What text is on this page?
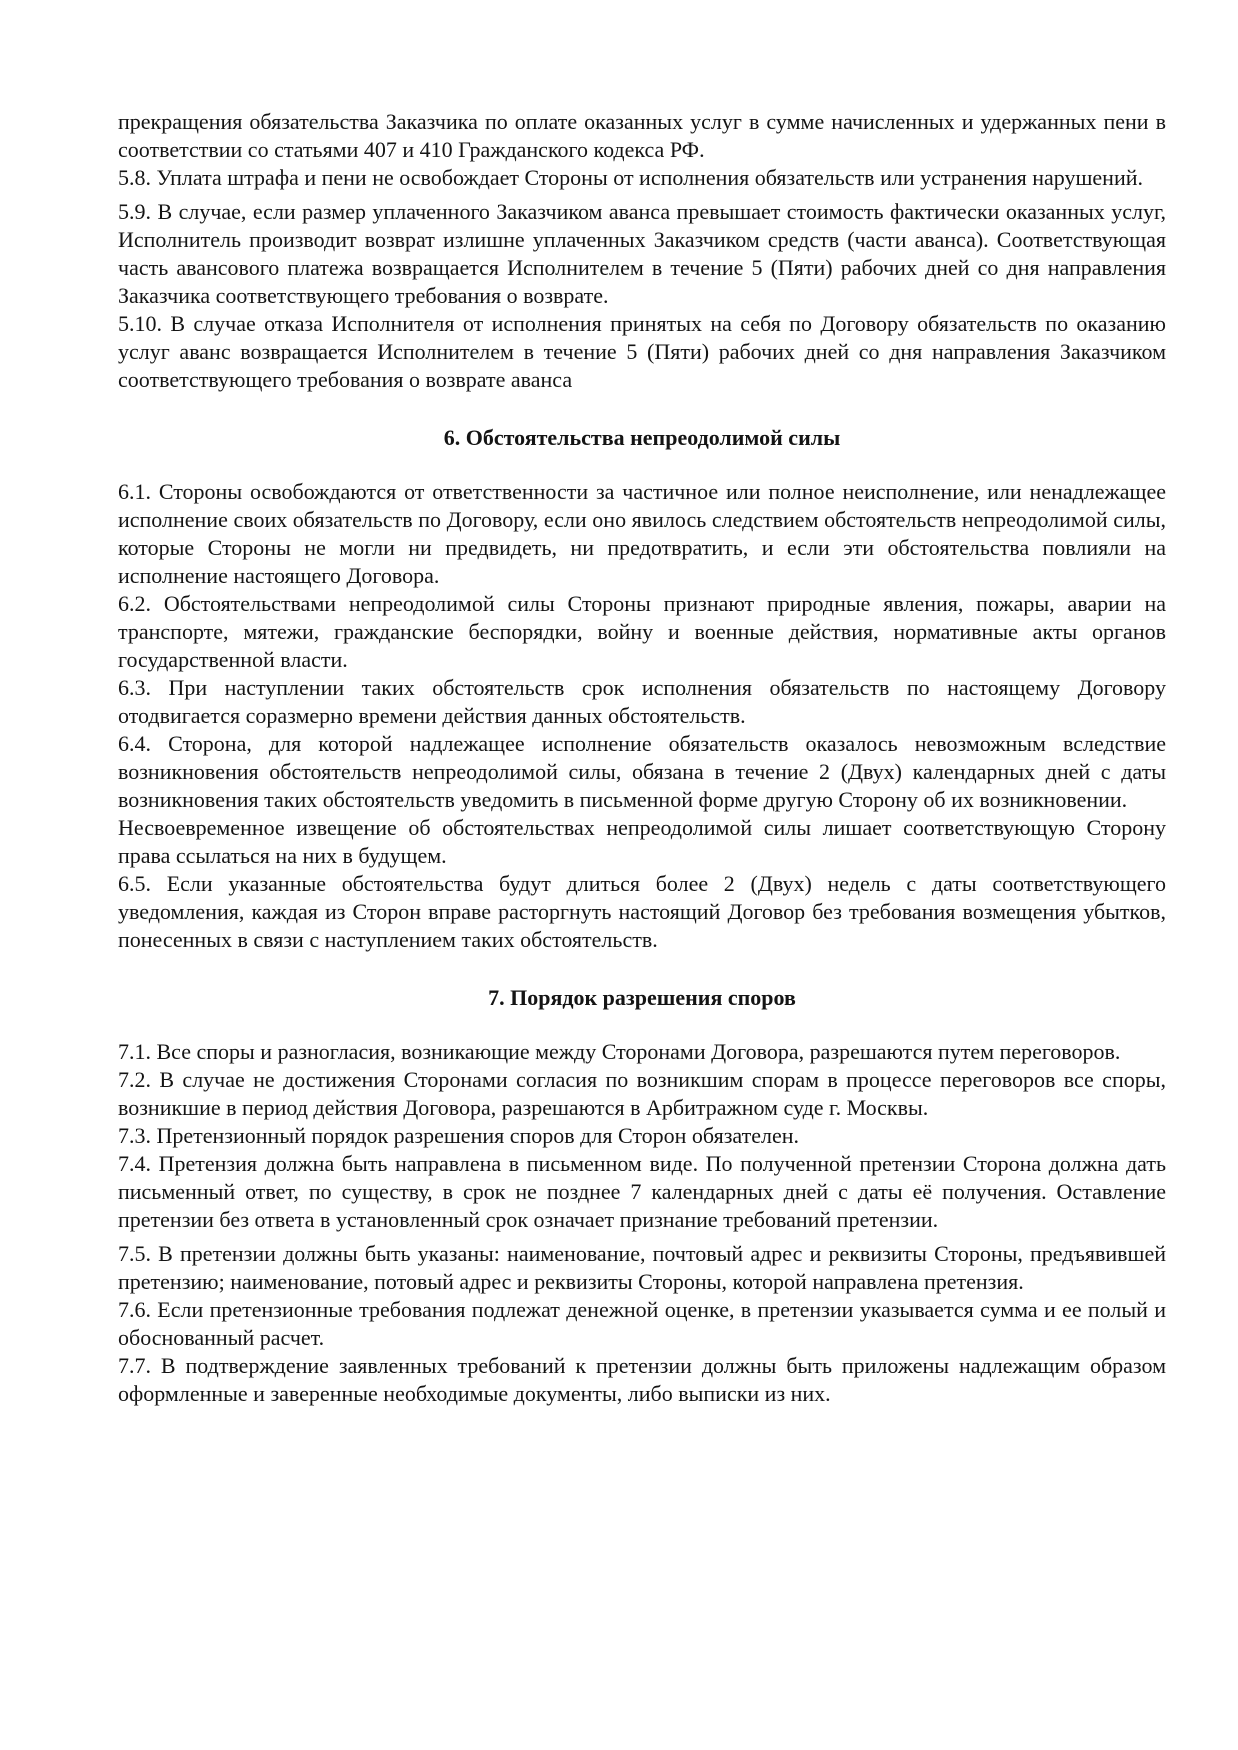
прекращения обязательства Заказчика по оплате оказанных услуг в сумме начисленных и удержанных пени в соответствии со статьями 407 и 410 Гражданского кодекса РФ.

5.8. Уплата штрафа и пени не освобождает Стороны от исполнения обязательств или устранения нарушений.

5.9. В случае, если размер уплаченного Заказчиком аванса превышает стоимость фактически оказанных услуг, Исполнитель производит возврат излишне уплаченных Заказчиком средств (части аванса). Соответствующая часть авансового платежа возвращается Исполнителем в течение 5 (Пяти) рабочих дней со дня направления Заказчика соответствующего требования о возврате.

5.10. В случае отказа Исполнителя от исполнения принятых на себя по Договору обязательств по оказанию услуг аванс возвращается Исполнителем в течение 5 (Пяти) рабочих дней со дня направления Заказчиком соответствующего требования о возврате аванса

6. Обстоятельства непреодолимой силы

6.1. Стороны освобождаются от ответственности за частичное или полное неисполнение, или ненадлежащее исполнение своих обязательств по Договору, если оно явилось следствием обстоятельств непреодолимой силы, которые Стороны не могли ни предвидеть, ни предотвратить, и если эти обстоятельства повлияли на исполнение настоящего Договора.

6.2. Обстоятельствами непреодолимой силы Стороны признают природные явления, пожары, аварии на транспорте, мятежи, гражданские беспорядки, войну и военные действия, нормативные акты органов государственной власти.

6.3. При наступлении таких обстоятельств срок исполнения обязательств по настоящему Договору отодвигается соразмерно времени действия данных обстоятельств.

6.4. Сторона, для которой надлежащее исполнение обязательств оказалось невозможным вследствие возникновения обстоятельств непреодолимой силы, обязана в течение 2 (Двух) календарных дней с даты возникновения таких обстоятельств уведомить в письменной форме другую Сторону об их возникновении.

Несвоевременное извещение об обстоятельствах непреодолимой силы лишает соответствующую Сторону права ссылаться на них в будущем.

6.5. Если указанные обстоятельства будут длиться более 2 (Двух) недель с даты соответствующего уведомления, каждая из Сторон вправе расторгнуть настоящий Договор без требования возмещения убытков, понесенных в связи с наступлением таких обстоятельств.

7. Порядок разрешения споров

7.1. Все споры и разногласия, возникающие между Сторонами Договора, разрешаются путем переговоров.

7.2. В случае не достижения Сторонами согласия по возникшим спорам в процессе переговоров все споры, возникшие в период действия Договора, разрешаются в Арбитражном суде г. Москвы.

7.3. Претензионный порядок разрешения споров для Сторон обязателен.

7.4. Претензия должна быть направлена в письменном виде. По полученной претензии Сторона должна дать письменный ответ, по существу, в срок не позднее 7 календарных дней с даты её получения. Оставление претензии без ответа в установленный срок означает признание требований претензии.

7.5. В претензии должны быть указаны: наименование, почтовый адрес и реквизиты Стороны, предъявившей претензию; наименование, потовый адрес и реквизиты Стороны, которой направлена претензия.

7.6. Если претензионные требования подлежат денежной оценке, в претензии указывается сумма и ее полый и обоснованный расчет.

7.7. В подтверждение заявленных требований к претензии должны быть приложены надлежащим образом оформленные и заверенные необходимые документы, либо выписки из них.
